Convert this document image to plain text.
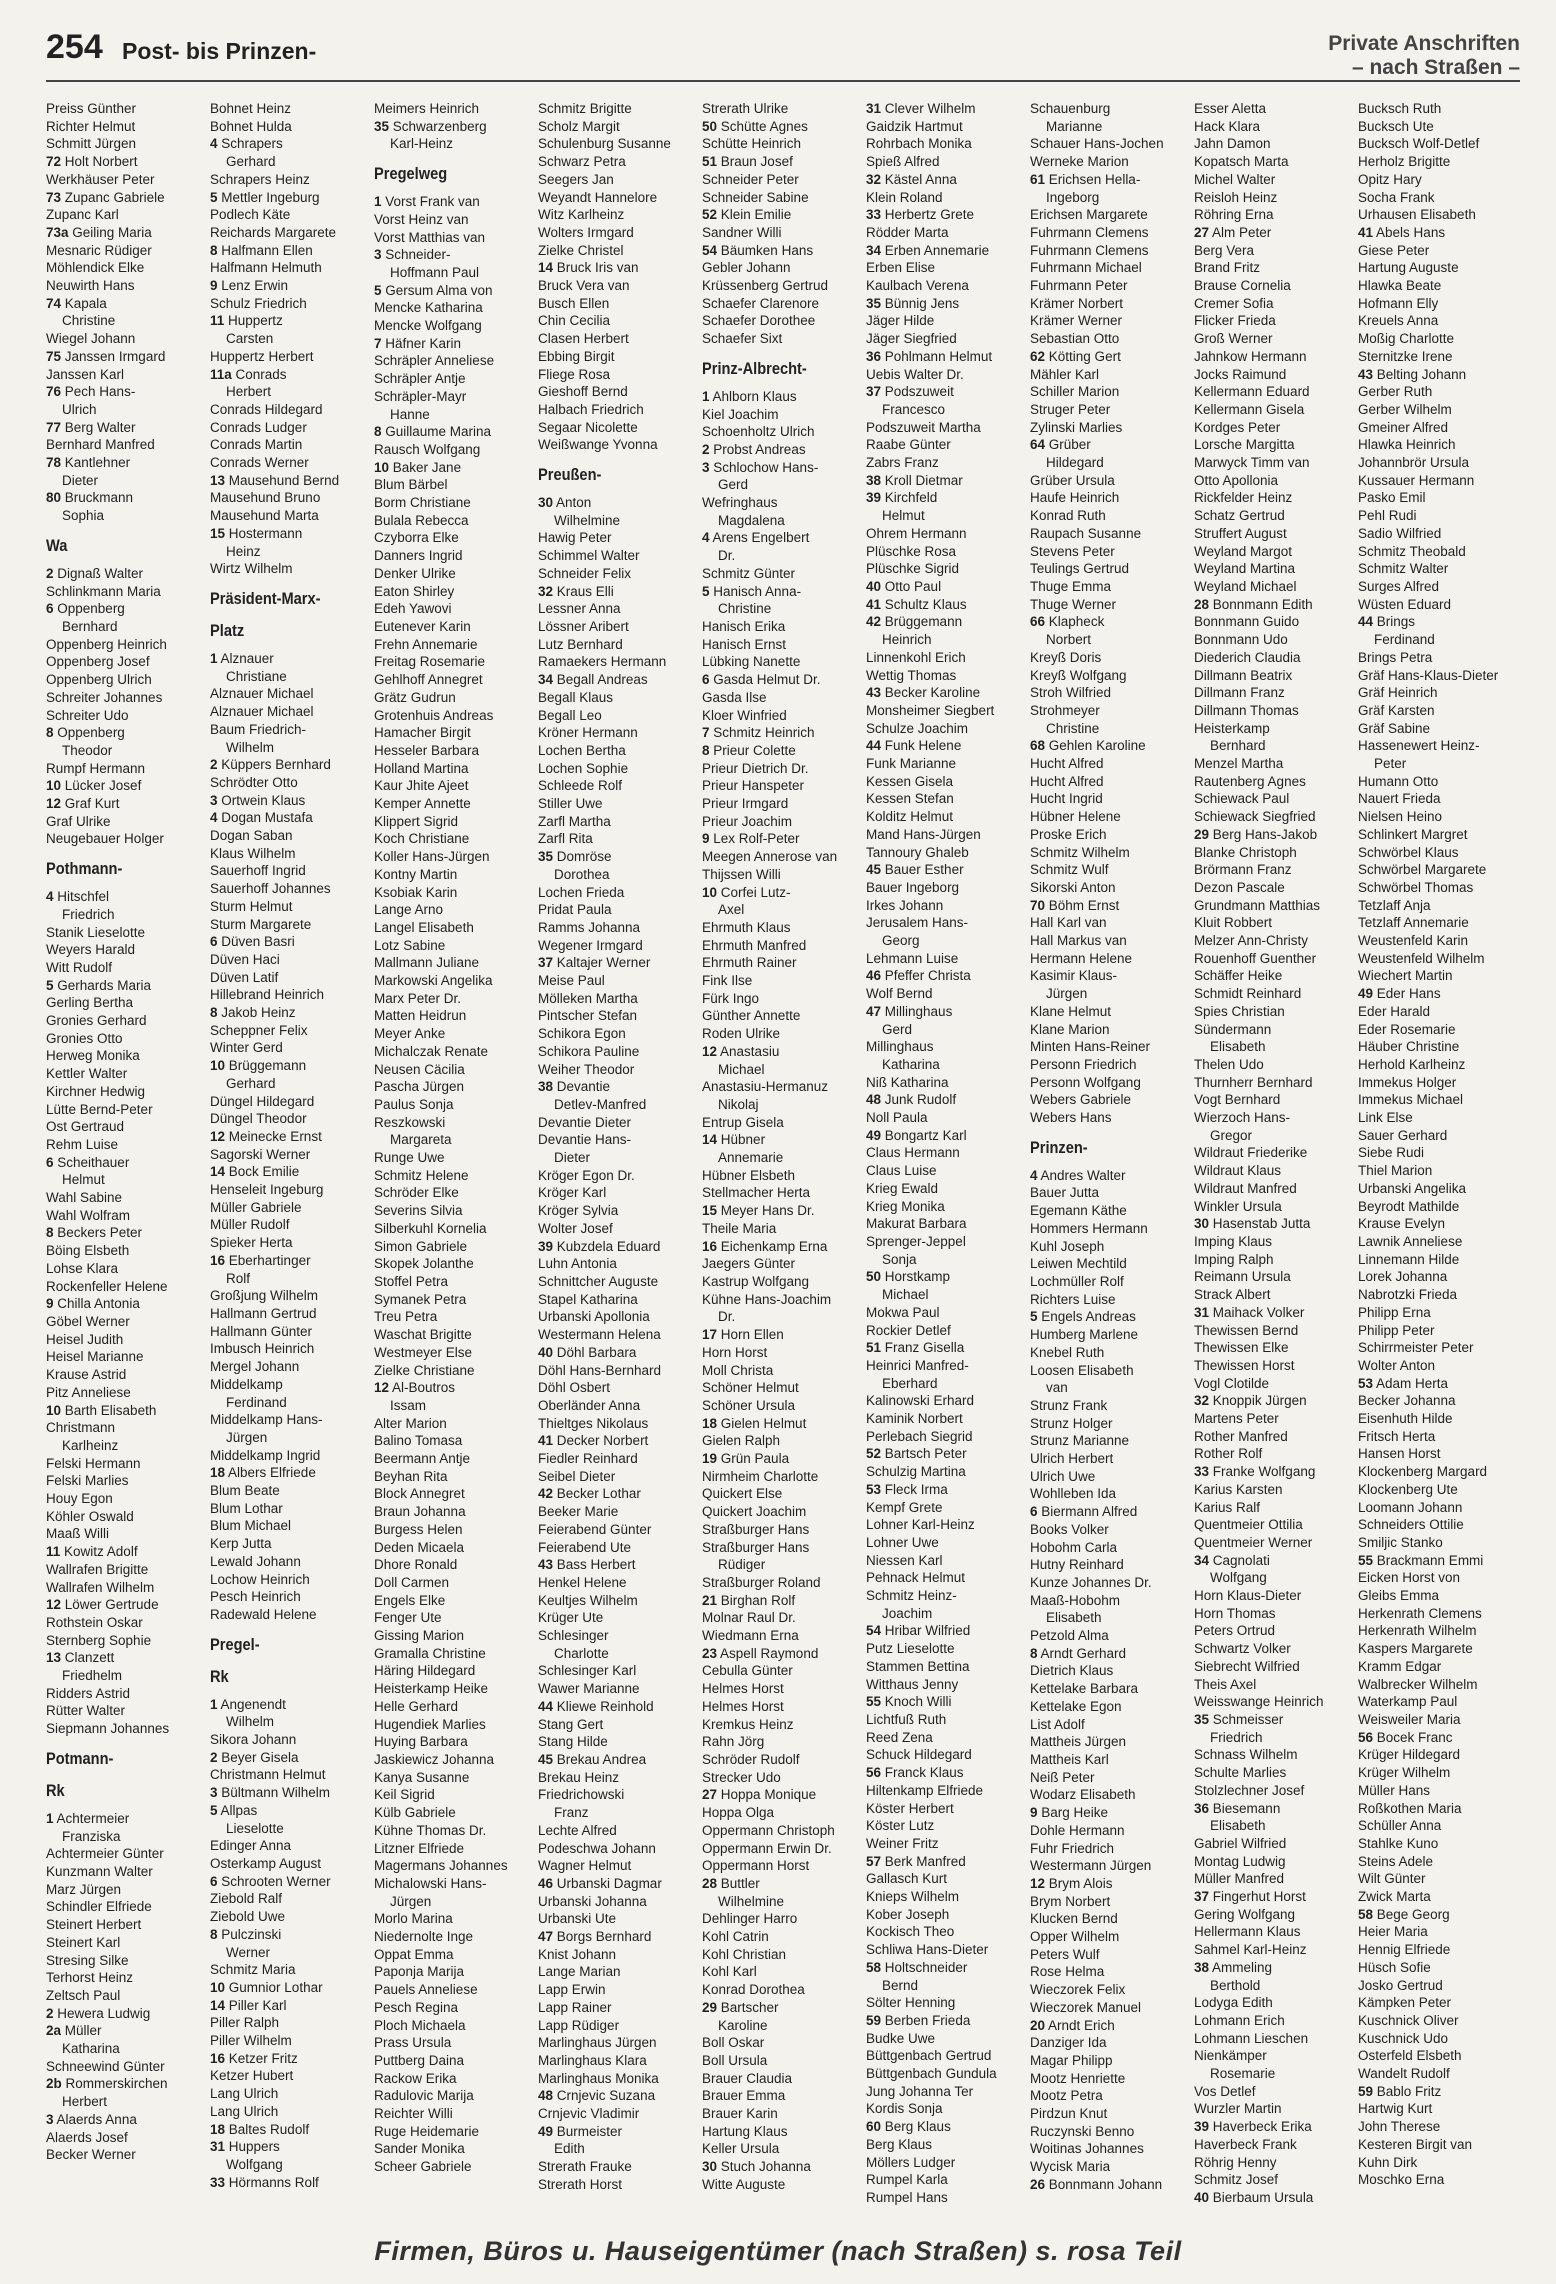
254 Post- bis Prinzen-	Private Anschriften
– nach Straßen –
Preiss Günther
Richter Helmut
Schmitt Jürgen
72 Holt Norbert
Werkhäuser Peter
73 Zupanc Gabriele
Zupanc Karl
73a Geiling Maria
Mesnaric Rüdiger
Möhlendick Elke
Neuwirth Hans
74 Kapala
Christine
Wiegel Johann
75 Janssen Irmgard
Janssen Karl
76 Pech Hans-
Ulrich
77 Berg Walter
Bernhard Manfred
78 Kantlehner
Dieter
80 Bruckmann
Sophia
Wa
2 Dignaß Walter
Schlinkmann Maria
6 Oppenberg
Bernhard
Oppenberg Heinrich
Oppenberg Josef
Oppenberg Ulrich
Schreiter Johannes
Schreiter Udo
8 Oppenberg
Theodor
Rumpf Hermann
10 Lücker Josef
12 Graf Kurt
Graf Ulrike
Neugebauer Holger
Pothmann-
4 Hitschfel
Friedrich
Stanik Lieselotte
Weyers Harald
Witt Rudolf
5 Gerhards Maria
Gerling Bertha
Gronies Gerhard
Gronies Otto
Herweg Monika
Kettler Walter
Kirchner Hedwig
Lütte Bernd-Peter
Ost Gertraud
Rehm Luise
6 Scheithauer
Helmut
Wahl Sabine
Wahl Wolfram
8 Beckers Peter
Böing Elsbeth
Lohse Klara
Rockenfeller Helene
9 Chilla Antonia
Göbel Werner
Heisel Judith
Heisel Marianne
Krause Astrid
Pitz Anneliese
10 Barth Elisabeth
Christmann
Karlheinz
Felski Hermann
Felski Marlies
Houy Egon
Köhler Oswald
Maaß Willi
11 Kowitz Adolf
Wallrafen Brigitte
Wallrafen Wilhelm
12 Löwer Gertrude
Rothstein Oskar
Sternberg Sophie
13 Clanzett
Friedhelm
Ridders Astrid
Rütter Walter
Siepmann Johannes
Potmann-
Rk
1 Achtermeier
Franziska
Achtermeier Günter
Kunzmann Walter
Marz Jürgen
Schindler Elfriede
Steinert Herbert
Steinert Karl
Stresing Silke
Terhorst Heinz
Zeltsch Paul
2 Hewera Ludwig
2a Müller
Katharina
Schneewind Günter
2b Rommerskirchen
Herbert
3 Alaerds Anna
Alaerds Josef
Becker Werner
Bohnet Heinz
Bohnet Hulda
4 Schrapers
Gerhard
Schrapers Heinz
5 Mettler Ingeburg
Podlech Käte
Reichards Margarete
8 Halfmann Ellen
Halfmann Helmuth
9 Lenz Erwin
Schulz Friedrich
11 Huppertz
Carsten
Huppertz Herbert
11a Conrads
Herbert
Conrads Hildegard
Conrads Ludger
Conrads Martin
Conrads Werner
13 Mausehund Bernd
Mausehund Bruno
Mausehund Marta
15 Hostermann
Heinz
Wirtz Wilhelm
Präsident-Marx-
Platz
1 Alznauer
Christiane
Alznauer Michael
Alznauer Michael
Baum Friedrich-
Wilhelm
2 Küppers Bernhard
Schrödter Otto
3 Ortwein Klaus
4 Dogan Mustafa
Dogan Saban
Klaus Wilhelm
Sauerhoff Ingrid
Sauerhoff Johannes
Sturm Helmut
Sturm Margarete
6 Düven Basri
Düven Haci
Düven Latif
Hillebrand Heinrich
8 Jakob Heinz
Scheppner Felix
Winter Gerd
10 Brüggemann
Gerhard
Düngel Hildegard
Düngel Theodor
12 Meinecke Ernst
Sagorski Werner
14 Bock Emilie
Henseleit Ingeburg
Müller Gabriele
Müller Rudolf
Spieker Herta
16 Eberhartinger
Rolf
Großjung Wilhelm
Hallmann Gertrud
Hallmann Günter
Imbusch Heinrich
Mergel Johann
Middelkamp
Ferdinand
Middelkamp Hans-
Jürgen
Middelkamp Ingrid
18 Albers Elfriede
Blum Beate
Blum Lothar
Blum Michael
Kerp Jutta
Lewald Johann
Lochow Heinrich
Pesch Heinrich
Radewald Helene
Pregel-
Rk
1 Angenendt
Wilhelm
Sikora Johann
2 Beyer Gisela
Christmann Helmut
3 Bültmann Wilhelm
5 Allpas
Lieselotte
Edinger Anna
Osterkamp August
6 Schrooten Werner
Ziebold Ralf
Ziebold Uwe
8 Pulczinski
Werner
Schmitz Maria
10 Gumnior Lothar
14 Piller Karl
Piller Ralph
Piller Wilhelm
16 Ketzer Fritz
Ketzer Hubert
Lang Ulrich
Lang Ulrich
18 Baltes Rudolf
31 Huppers
Wolfgang
33 Hörmanns Rolf
Meimers Heinrich
35 Schwarzenberg
Karl-Heinz
Pregelweg
1 Vorst Frank van
Vorst Heinz van
Vorst Matthias van
3 Schneider-
Hoffmann Paul
5 Gersum Alma von
Mencke Katharina
Mencke Wolfgang
7 Häfner Karin
Schräpler Anneliese
Schräpler Antje
Schräpler-Mayr
Hanne
8 Guillaume Marina
Rausch Wolfgang
10 Baker Jane
Blum Bärbel
Borm Christiane
Bulala Rebecca
Czyborra Elke
Danners Ingrid
Denker Ulrike
Eaton Shirley
Edeh Yawovi
Eutenever Karin
Frehn Annemarie
Freitag Rosemarie
Gehlhoff Annegret
Grätz Gudrun
Grotenhuis Andreas
Hamacher Birgit
Hesseler Barbara
Holland Martina
Kaur Jhite Ajeet
Kemper Annette
Klippert Sigrid
Koch Christiane
Koller Hans-Jürgen
Kontny Martin
Ksobiak Karin
Lange Arno
Langel Elisabeth
Lotz Sabine
Mallmann Juliane
Markowski Angelika
Marx Peter Dr.
Matten Heidrun
Meyer Anke
Michalczak Renate
Neusen Cäcilia
Pascha Jürgen
Paulus Sonja
Reszkowski
Margareta
Runge Uwe
Schmitz Helene
Schröder Elke
Severins Silvia
Silberkuhl Kornelia
Simon Gabriele
Skopek Jolanthe
Stoffel Petra
Symanek Petra
Treu Petra
Waschat Brigitte
Westmeyer Else
Zielke Christiane
12 Al-Boutros
Issam
Alter Marion
Balino Tomasa
Beermann Antje
Beyhan Rita
Block Annegret
Braun Johanna
Burgess Helen
Deden Micaela
Dhore Ronald
Doll Carmen
Engels Elke
Fenger Ute
Gissing Marion
Gramalla Christine
Häring Hildegard
Heisterkamp Heike
Helle Gerhard
Hugendiek Marlies
Huying Barbara
Jaskiewicz Johanna
Kanya Susanne
Keil Sigrid
Külb Gabriele
Kühne Thomas Dr.
Litzner Elfriede
Magermans Johannes
Michalowski Hans-
Jürgen
Morlo Marina
Niedernolte Inge
Oppat Emma
Paponja Marija
Pauels Anneliese
Pesch Regina
Ploch Michaela
Prass Ursula
Puttberg Daina
Rackow Erika
Radulovic Marija
Reichter Willi
Ruge Heidemarie
Sander Monika
Scheer Gabriele
Schmitz Brigitte
Scholz Margit
Schulenburg Susanne
Schwarz Petra
Seegers Jan
Weyandt Hannelore
Witz Karlheinz
Wolters Irmgard
Zielke Christel
14 Bruck Iris van
Bruck Vera van
Busch Ellen
Chin Cecilia
Clasen Herbert
Ebbing Birgit
Fliege Rosa
Gieshoff Bernd
Halbach Friedrich
Segaar Nicolette
Weißwange Yvonna
Preußen-
30 Anton
Wilhelmine
Hawig Peter
Schimmel Walter
Schneider Felix
32 Kraus Elli
Lessner Anna
Lössner Aribert
Lutz Bernhard
Ramaekers Hermann
34 Begall Andreas
Begall Klaus
Begall Leo
Kröner Hermann
Lochen Bertha
Lochen Sophie
Schleede Rolf
Stiller Uwe
Zarfl Martha
Zarfl Rita
35 Domröse
Dorothea
Lochen Frieda
Pridat Paula
Ramms Johanna
Wegener Irmgard
37 Kaltajer Werner
Meise Paul
Mölleken Martha
Pintscher Stefan
Schikora Egon
Schikora Pauline
Weiher Theodor
38 Devantie
Detlev-Manfred
Devantie Dieter
Devantie Hans-
Dieter
Kröger Egon Dr.
Kröger Karl
Kröger Sylvia
Wolter Josef
39 Kubzdela Eduard
Luhn Antonia
Schnittcher Auguste
Stapel Katharina
Urbanski Apollonia
Westermann Helena
40 Döhl Barbara
Döhl Hans-Bernhard
Döhl Osbert
Oberländer Anna
Thieltges Nikolaus
41 Decker Norbert
Fiedler Reinhard
Seibel Dieter
42 Becker Lothar
Beeker Marie
Feierabend Günter
Feierabend Ute
43 Bass Herbert
Henkel Helene
Keultjes Wilhelm
Krüger Ute
Schlesinger
Charlotte
Schlesinger Karl
Wawer Marianne
44 Kliewe Reinhold
Stang Gert
Stang Hilde
45 Brekau Andrea
Brekau Heinz
Friedrichowski
Franz
Lechte Alfred
Podeschwa Johann
Wagner Helmut
46 Urbanski Dagmar
Urbanski Johanna
Urbanski Ute
47 Borgs Bernhard
Knist Johann
Lange Marian
Lapp Erwin
Lapp Rainer
Lapp Rüdiger
Marlinghaus Jürgen
Marlinghaus Klara
Marlinghaus Monika
48 Crnjevic Suzana
Crnjevic Vladimir
49 Burmeister
Edith
Strerath Frauke
Strerath Horst
Strerath Ulrike
50 Schütte Agnes
Schütte Heinrich
51 Braun Josef
Schneider Peter
Schneider Sabine
52 Klein Emilie
Sandner Willi
54 Bäumken Hans
Gebler Johann
Krüssenberg Gertrud
Schaefer Clarenore
Schaefer Dorothee
Schaefer Sixt
Prinz-Albrecht-
1 Ahlborn Klaus
Kiel Joachim
Schoenholtz Ulrich
2 Probst Andreas
3 Schlochow Hans-
Gerd
Wefringhaus
Magdalena
4 Arens Engelbert
Dr.
Schmitz Günter
5 Hanisch Anna-
Christine
Hanisch Erika
Hanisch Ernst
Lübking Nanette
6 Gasda Helmut Dr.
Gasda Ilse
Kloer Winfried
7 Schmitz Heinrich
8 Prieur Colette
Prieur Dietrich Dr.
Prieur Hanspeter
Prieur Irmgard
Prieur Joachim
9 Lex Rolf-Peter
Meegen Annerose van
Thijssen Willi
10 Corfei Lutz-
Axel
Ehrmuth Klaus
Ehrmuth Manfred
Ehrmuth Rainer
Fink Ilse
Fürk Ingo
Günther Annette
Roden Ulrike
12 Anastasiu
Michael
Anastasiu-Hermanuz
Nikolaj
Entrup Gisela
14 Hübner
Annemarie
Hübner Elsbeth
Stellmacher Herta
15 Meyer Hans Dr.
Theile Maria
16 Eichenkamp Erna
Jaegers Günter
Kastrup Wolfgang
Kühne Hans-Joachim
Dr.
17 Horn Ellen
Horn Horst
Moll Christa
Schöner Helmut
Schöner Ursula
18 Gielen Helmut
Gielen Ralph
19 Grün Paula
Nirmheim Charlotte
Quickert Else
Quickert Joachim
Straßburger Hans
Straßburger Hans
Rüdiger
Straßburger Roland
21 Birghan Rolf
Molnar Raul Dr.
Wiedmann Erna
23 Aspell Raymond
Cebulla Günter
Helmes Horst
Helmes Horst
Kremkus Heinz
Rahn Jörg
Schröder Rudolf
Strecker Udo
27 Hoppa Monique
Hoppa Olga
Oppermann Christoph
Oppermann Erwin Dr.
Oppermann Horst
28 Buttler
Wilhelmine
Dehlinger Harro
Kohl Catrin
Kohl Christian
Kohl Karl
Konrad Dorothea
29 Bartscher
Karoline
Boll Oskar
Boll Ursula
Brauer Claudia
Brauer Emma
Brauer Karin
Hartung Klaus
Keller Ursula
30 Stuch Johanna
Witte Auguste
31 Clever Wilhelm
Gaidzik Hartmut
Rohrbach Monika
Spieß Alfred
32 Kästel Anna
Klein Roland
33 Herbertz Grete
Rödder Marta
34 Erben Annemarie
Erben Elise
Kaulbach Verena
35 Bünnig Jens
Jäger Hilde
Jäger Siegfried
36 Pohlmann Helmut
Uebis Walter Dr.
37 Podszuweit
Francesco
Podszuweit Martha
Raabe Günter
Zabrs Franz
38 Kroll Dietmar
39 Kirchfeld
Helmut
Ohrem Hermann
Plüschke Rosa
Plüschke Sigrid
40 Otto Paul
41 Schultz Klaus
42 Brüggemann
Heinrich
Linnenkohl Erich
Wettig Thomas
43 Becker Karoline
Monsheimer Siegbert
Schulze Joachim
44 Funk Helene
Funk Marianne
Kessen Gisela
Kessen Stefan
Kolditz Helmut
Mand Hans-Jürgen
Tannoury Ghaleb
45 Bauer Esther
Bauer Ingeborg
Irkes Johann
Jerusalem Hans-
Georg
Lehmann Luise
46 Pfeffer Christa
Wolf Bernd
47 Millinghaus
Gerd
Millinghaus
Katharina
Niß Katharina
48 Junk Rudolf
Noll Paula
49 Bongartz Karl
Claus Hermann
Claus Luise
Krieg Ewald
Krieg Monika
Makurat Barbara
Sprenger-Jeppel
Sonja
50 Horstkamp
Michael
Mokwa Paul
Rockier Detlef
51 Franz Gisella
Heinrici Manfred-
Eberhard
Kalinowski Erhard
Kaminik Norbert
Perlebach Siegrid
52 Bartsch Peter
Schulzig Martina
53 Fleck Irma
Kempf Grete
Lohner Karl-Heinz
Lohner Uwe
Niessen Karl
Pehnack Helmut
Schmitz Heinz-
Joachim
54 Hribar Wilfried
Putz Lieselotte
Stammen Bettina
Witthaus Jenny
55 Knoch Willi
Lichtfuß Ruth
Reed Zena
Schuck Hildegard
56 Franck Klaus
Hiltenkamp Elfriede
Köster Herbert
Köster Lutz
Weiner Fritz
57 Berk Manfred
Gallasch Kurt
Knieps Wilhelm
Kober Joseph
Kockisch Theo
Schliwa Hans-Dieter
58 Holtschneider
Bernd
Sölter Henning
59 Berben Frieda
Budke Uwe
Büttgenbach Gertrud
Büttgenbach Gundula
Jung Johanna Ter
Kordis Sonja
60 Berg Klaus
Berg Klaus
Möllers Ludger
Rumpel Karla
Rumpel Hans
Schauenburg
Marianne
Schauer Hans-Jochen
Werneke Marion
61 Erichsen Hella-
Ingeborg
Erichsen Margarete
Fuhrmann Clemens
Fuhrmann Clemens
Fuhrmann Michael
Fuhrmann Peter
Krämer Norbert
Krämer Werner
Sebastian Otto
62 Kötting Gert
Mähler Karl
Schiller Marion
Struger Peter
Zylinski Marlies
64 Grüber
Hildegard
Grüber Ursula
Haufe Heinrich
Konrad Ruth
Raupach Susanne
Stevens Peter
Teulings Gertrud
Thuge Emma
Thuge Werner
66 Klapheck
Norbert
Kreyß Doris
Kreyß Wolfgang
Stroh Wilfried
Strohmeyer
Christine
68 Gehlen Karoline
Hucht Alfred
Hucht Alfred
Hucht Ingrid
Hübner Helene
Proske Erich
Schmitz Wilhelm
Schmitz Wulf
Sikorski Anton
70 Böhm Ernst
Hall Karl van
Hall Markus van
Hermann Helene
Kasimir Klaus-
Jürgen
Klane Helmut
Klane Marion
Minten Hans-Reiner
Personn Friedrich
Personn Wolfgang
Webers Gabriele
Webers Hans
Prinzen-
4 Andres Walter
Bauer Jutta
Egemann Käthe
Hommers Hermann
Kuhl Joseph
Leiwen Mechtild
Lochmüller Rolf
Richters Luise
5 Engels Andreas
Humberg Marlene
Knebel Ruth
Loosen Elisabeth
van
Strunz Frank
Strunz Holger
Strunz Marianne
Ulrich Herbert
Ulrich Uwe
Wohlleben Ida
6 Biermann Alfred
Books Volker
Hobohm Carla
Hutny Reinhard
Kunze Johannes Dr.
Maaß-Hobohm
Elisabeth
Petzold Alma
8 Arndt Gerhard
Dietrich Klaus
Kettelake Barbara
Kettelake Egon
List Adolf
Mattheis Jürgen
Mattheis Karl
Neiß Peter
Wodarz Elisabeth
9 Barg Heike
Dohle Hermann
Fuhr Friedrich
Westermann Jürgen
12 Brym Alois
Brym Norbert
Klucken Bernd
Opper Wilhelm
Peters Wulf
Rose Helma
Wieczorek Felix
Wieczorek Manuel
20 Arndt Erich
Danziger Ida
Magar Philipp
Mootz Henriette
Mootz Petra
Pirdzun Knut
Ruczynski Benno
Woitinas Johannes
Wycisk Maria
26 Bonnmann Johann
Esser Aletta
Hack Klara
Jahn Damon
Kopatsch Marta
Michel Walter
Reisloh Heinz
Röhring Erna
27 Alm Peter
Berg Vera
Brand Fritz
Brause Cornelia
Cremer Sofia
Flicker Frieda
Groß Werner
Jahnkow Hermann
Jocks Raimund
Kellermann Eduard
Kellermann Gisela
Kordges Peter
Lorsche Margitta
Marwyck Timm van
Otto Apollonia
Rickfelder Heinz
Schatz Gertrud
Struffert August
Weyland Margot
Weyland Martina
Weyland Michael
28 Bonnmann Edith
Bonnmann Guido
Bonnmann Udo
Diederich Claudia
Dillmann Beatrix
Dillmann Franz
Dillmann Thomas
Heisterkamp
Bernhard
Menzel Martha
Rautenberg Agnes
Schiewack Paul
Schiewack Siegfried
29 Berg Hans-Jakob
Blanke Christoph
Brörmann Franz
Dezon Pascale
Grundmann Matthias
Kluit Robbert
Melzer Ann-Christy
Rouenhoff Guenther
Schäffer Heike
Schmidt Reinhard
Spies Christian
Sündermann
Elisabeth
Thelen Udo
Thurnherr Bernhard
Vogt Bernhard
Wierzoch Hans-
Gregor
Wildraut Friederike
Wildraut Klaus
Wildraut Manfred
Winkler Ursula
30 Hasenstab Jutta
Imping Klaus
Imping Ralph
Reimann Ursula
Strack Albert
31 Maihack Volker
Thewissen Bernd
Thewissen Elke
Thewissen Horst
Vogl Clotilde
32 Knoppik Jürgen
Martens Peter
Rother Manfred
Rother Rolf
33 Franke Wolfgang
Karius Karsten
Karius Ralf
Quentmeier Ottilia
Quentmeier Werner
34 Cagnolati
Wolfgang
Horn Klaus-Dieter
Horn Thomas
Peters Ortrud
Schwartz Volker
Siebrecht Wilfried
Theis Axel
Weisswange Heinrich
35 Schmeisser
Friedrich
Schnass Wilhelm
Schulte Marlies
Stolzlechner Josef
36 Biesemann
Elisabeth
Gabriel Wilfried
Montag Ludwig
Müller Manfred
37 Fingerhut Horst
Gering Wolfgang
Hellermann Klaus
Sahmel Karl-Heinz
38 Ammeling
Berthold
Lodyga Edith
Lohmann Erich
Lohmann Lieschen
Nienkämper
Rosemarie
Vos Detlef
Wurzler Martin
39 Haverbeck Erika
Haverbeck Frank
Röhrig Henny
Schmitz Josef
40 Bierbaum Ursula
Bucksch Ruth
Bucksch Ute
Bucksch Wolf-Detlef
Herholz Brigitte
Opitz Hary
Socha Frank
Urhausen Elisabeth
41 Abels Hans
Giese Peter
Hartung Auguste
Hlawka Beate
Hofmann Elly
Kreuels Anna
Moßig Charlotte
Sternitzke Irene
43 Belting Johann
Gerber Ruth
Gerber Wilhelm
Gmeiner Alfred
Hlawka Heinrich
Johannbrör Ursula
Kussauer Hermann
Pasko Emil
Pehl Rudi
Sadio Wilfried
Schmitz Theobald
Schmitz Walter
Surges Alfred
Wüsten Eduard
44 Brings
Ferdinand
Brings Petra
Gräf Hans-Klaus-Dieter
Gräf Heinrich
Gräf Karsten
Gräf Sabine
Hassenewert Heinz-
Peter
Humann Otto
Nauert Frieda
Nielsen Heino
Schlinkert Margret
Schwörbel Klaus
Schwörbel Margarete
Schwörbel Thomas
Tetzlaff Anja
Tetzlaff Annemarie
Weustenfeld Karin
Weustenfeld Wilhelm
Wiechert Martin
49 Eder Hans
Eder Harald
Eder Rosemarie
Häuber Christine
Herhold Karlheinz
Immekus Holger
Immekus Michael
Link Else
Sauer Gerhard
Siebe Rudi
Thiel Marion
Urbanski Angelika
Beyrodt Mathilde
Krause Evelyn
Lawnik Anneliese
Linnemann Hilde
Lorek Johanna
Nabrotzki Frieda
Philipp Erna
Philipp Peter
Schirrmeister Peter
Wolter Anton
53 Adam Herta
Becker Johanna
Eisenhuth Hilde
Fritsch Herta
Hansen Horst
Klockenberg Margard
Klockenberg Ute
Loomann Johann
Schneiders Ottilie
Smiljic Stanko
55 Brackmann Emmi
Eicken Horst von
Gleibs Emma
Herkenrath Clemens
Herkenrath Wilhelm
Kaspers Margarete
Kramm Edgar
Walbrecker Wilhelm
Waterkamp Paul
Weisweiler Maria
56 Bocek Franc
Krüger Hildegard
Krüger Wilhelm
Müller Hans
Roßkothen Maria
Schüller Anna
Stahlke Kuno
Steins Adele
Wilt Günter
Zwick Marta
58 Bege Georg
Heier Maria
Hennig Elfriede
Hüsch Sofie
Josko Gertrud
Kämpken Peter
Kuschnick Oliver
Kuschnick Udo
Osterfeld Elsbeth
Wandelt Rudolf
59 Bablo Fritz
Hartwig Kurt
John Therese
Kesteren Birgit van
Kuhn Dirk
Moschko Erna
Firmen, Büros u. Hauseigentümer (nach Straßen) s. rosa Teil
